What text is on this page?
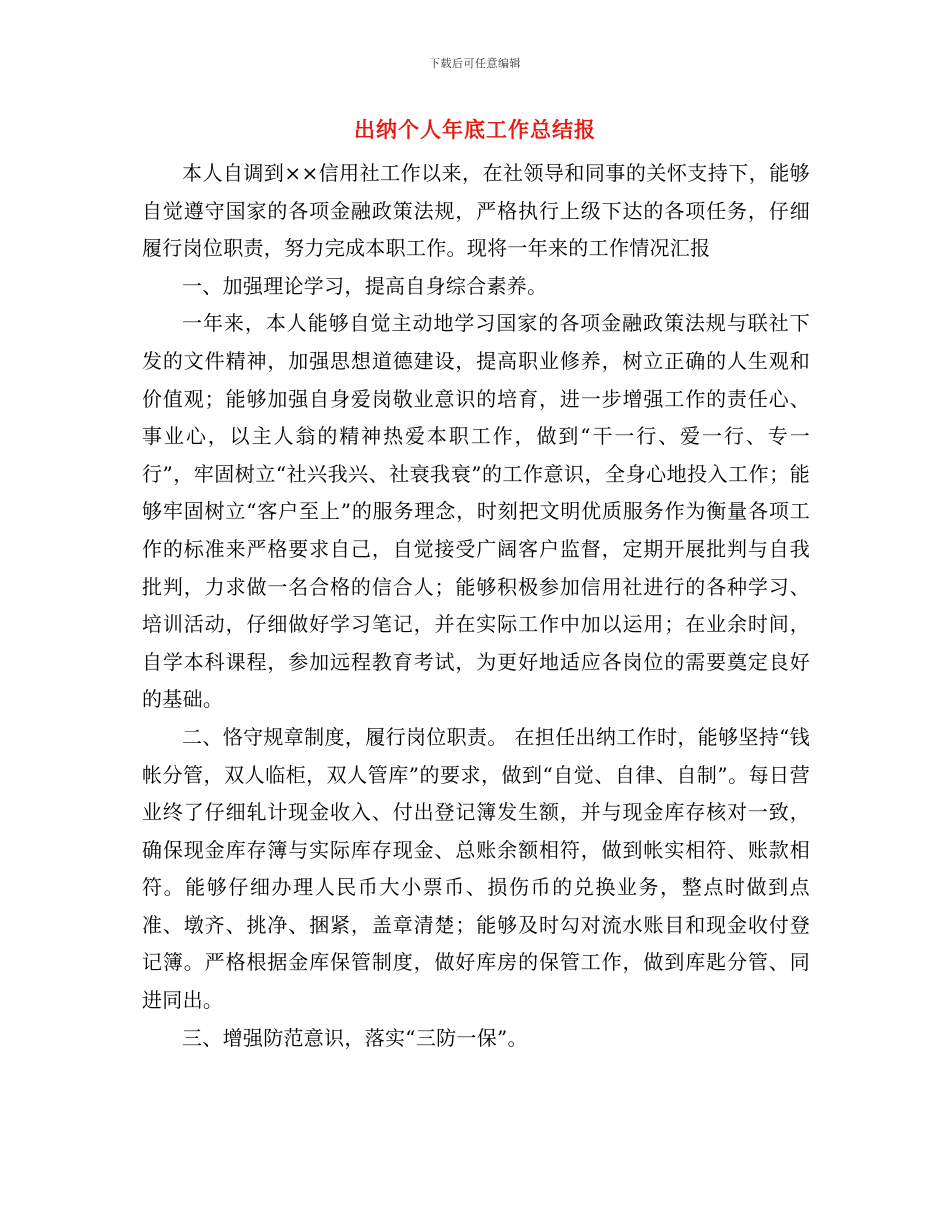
下载后可任意编辑
出纳个人年底工作总结报

本人自调到××信用社工作以来，在社领导和同事的关怀支持下，能够自觉遵守国家的各项金融政策法规，严格执行上级下达的各项任务，仔细履行岗位职责，努力完成本职工作。现将一年来的工作情况汇报

一、加强理论学习，提高自身综合素养。

一年来，本人能够自觉主动地学习国家的各项金融政策法规与联社下发的文件精神，加强思想道德建设，提高职业修养，树立正确的人生观和价值观；能够加强自身爱岗敬业意识的培育，进一步增强工作的责任心、事业心，以主人翁的精神热爱本职工作，做到“干一行、爱一行、专一行”，牢固树立“社兴我兴、社衰我衰”的工作意识，全身心地投入工作；能够牢固树立“客户至上”的服务理念，时刻把文明优质服务作为衡量各项工作的标准来严格要求自己，自觉接受广阔客户监督，定期开展批判与自我批判，力求做一名合格的信合人；能够积极参加信用社进行的各种学习、培训活动，仔细做好学习笔记，并在实际工作中加以运用；在业余时间，自学本科课程，参加远程教育考试，为更好地适应各岗位的需要奠定良好的基础。

二、恪守规章制度，履行岗位职责。 在担任出纳工作时，能够坚持“钱帐分管，双人临柜，双人管库”的要求，做到“自觉、自律、自制”。每日营业终了仔细轧计现金收入、付出登记簿发生额，并与现金库存核对一致，确保现金库存簿与实际库存现金、总账余额相符，做到帐实相符、账款相符。能够仔细办理人民币大小票币、损伤币的兑换业务，整点时做到点准、墩齐、挑净、捆紧，盖章清楚；能够及时勾对流水账目和现金收付登记簿。严格根据金库保管制度，做好库房的保管工作，做到库匙分管、同进同出。

三、增强防范意识，落实“三防一保”。
